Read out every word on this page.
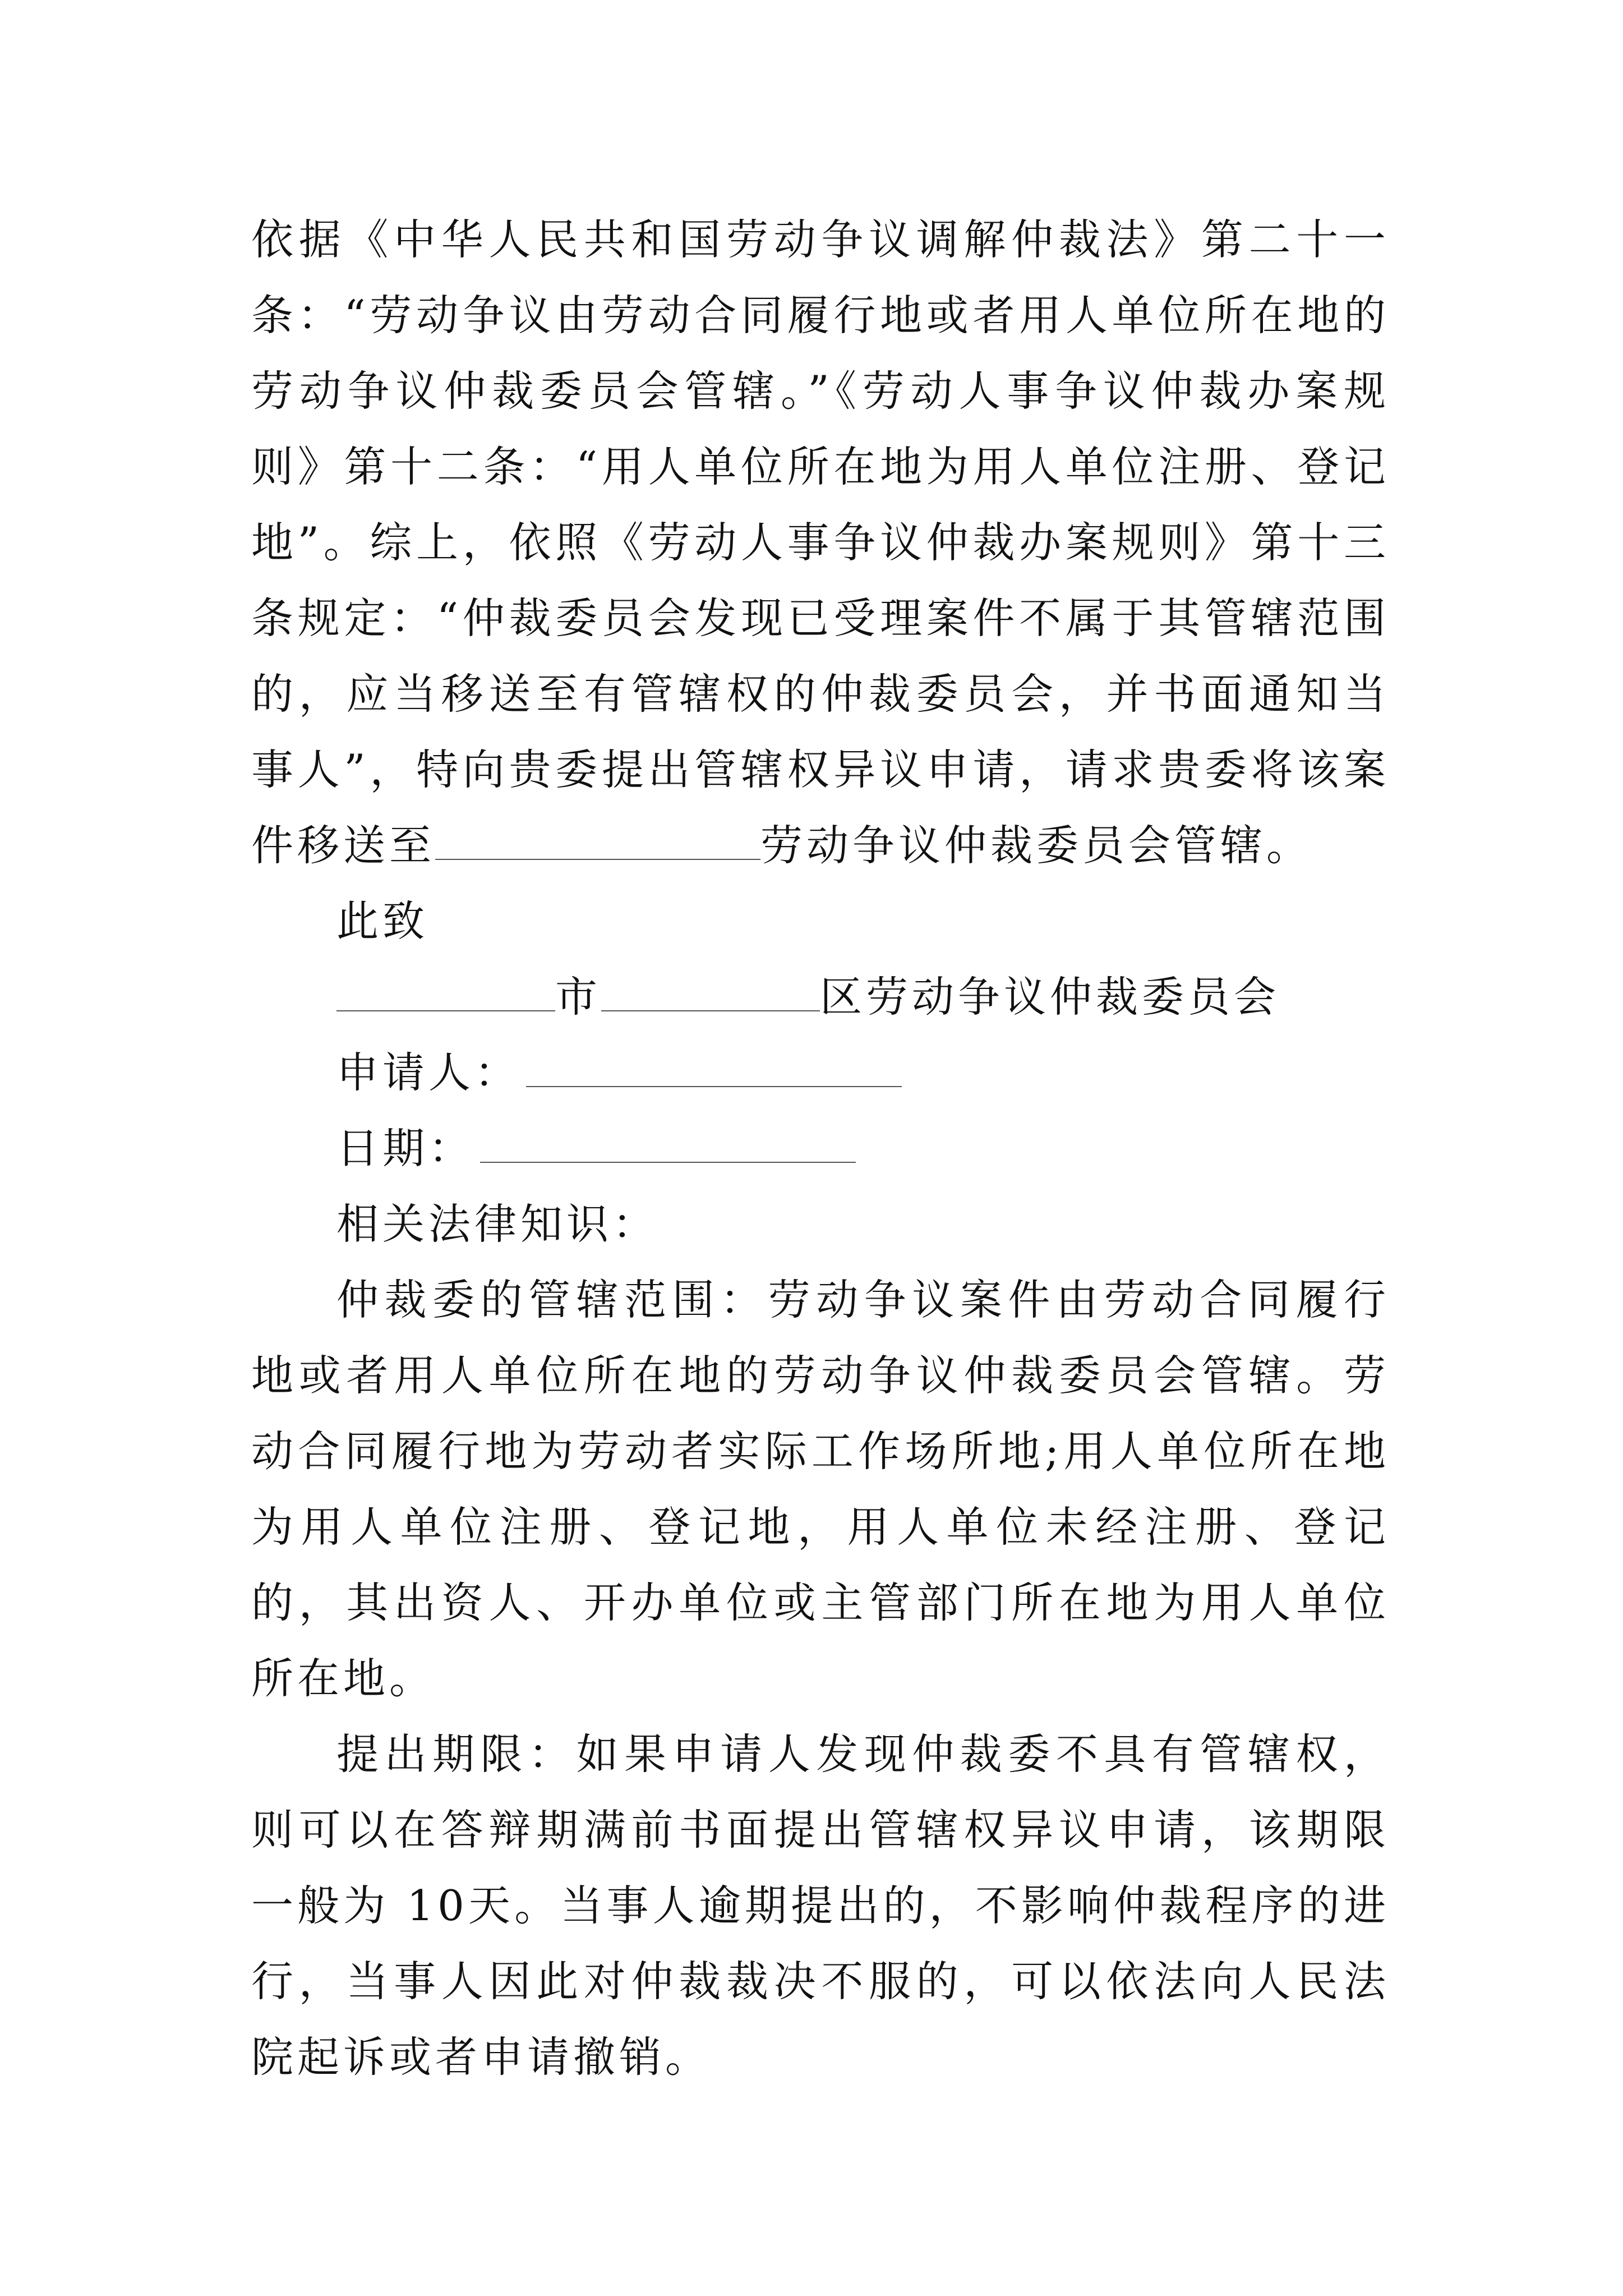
依据《中华人民共和国劳动争议调解仲裁法》第二十一条：“劳动争议由劳动合同履行地或者用人单位所在地的劳动争议仲裁委员会管辖。”《劳动人事争议仲裁办案规则》第十二条：“用人单位所在地为用人单位注册、登记地”。综上，依照《劳动人事争议仲裁办案规则》第十三条规定：“仲裁委员会发现已受理案件不属于其管辖范围的，应当移送至有管辖权的仲裁委员会，并书面通知当事人”，特向贵委提出管辖权异议申请，请求贵委将该案件移送至	劳动争议仲裁委员会管辖。

此致

市	区劳动争议仲裁委员会

申请人：

日期：

相关法律知识：

仲裁委的管辖范围：劳动争议案件由劳动合同履行地或者用人单位所在地的劳动争议仲裁委员会管辖。劳动合同履行地为劳动者实际工作场所地;用人单位所在地为用人单位注册、登记地，用人单位未经注册、登记的，其出资人、开办单位或主管部门所在地为用人单位所在地。

提出期限：如果申请人发现仲裁委不具有管辖权，则可以在答辩期满前书面提出管辖权异议申请，该期限一般为 10天。当事人逾期提出的，不影响仲裁程序的进行，当事人因此对仲裁裁决不服的，可以依法向人民法院起诉或者申请撤销。
